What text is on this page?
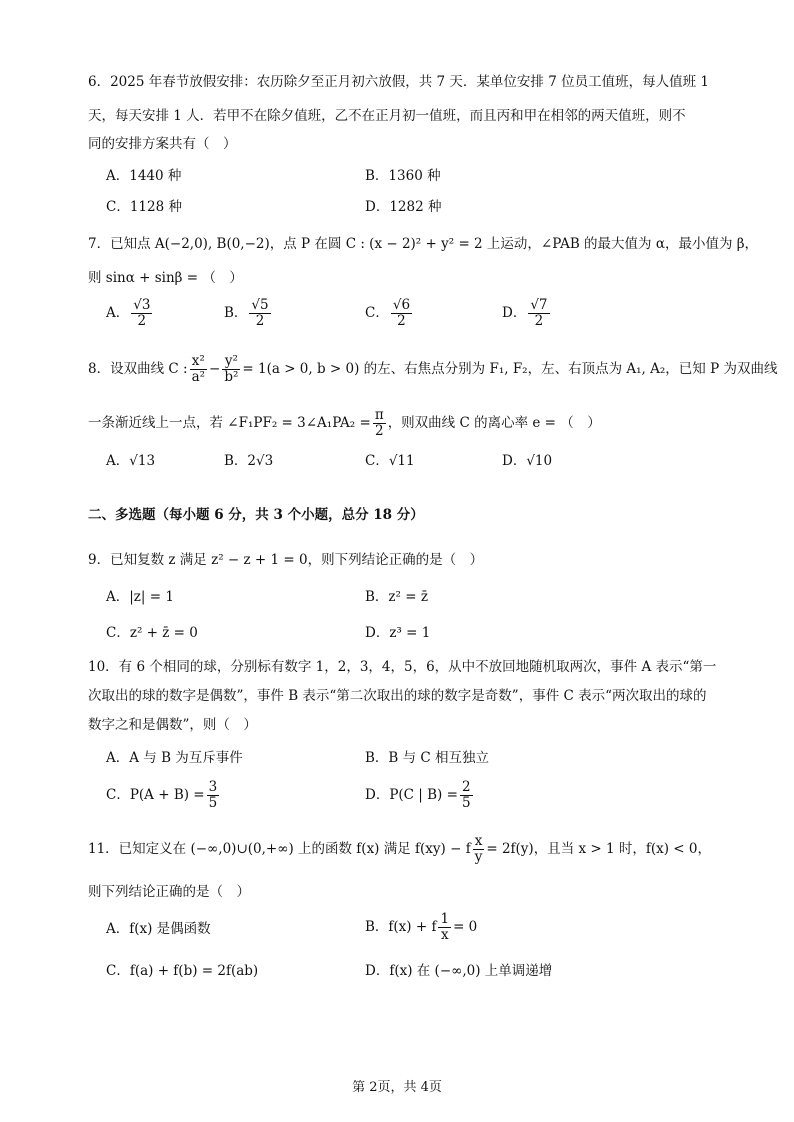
6．2025 年春节放假安排：农历除夕至正月初六放假，共 7 天．某单位安排 7 位员工值班，每人值班 1
天，每天安排 1 人．若甲不在除夕值班，乙不在正月初一值班，而且丙和甲在相邻的两天值班，则不
同的安排方案共有（　）
A．1440 种	B．1360 种
C．1128 种	D．1282 种
7．已知点 A(−2,0), B(0,−2)，点 P 在圆 C : (x − 2)² + y² = 2 上运动，∠PAB 的最大值为 α，最小值为 β，
则 sinα + sinβ = （　）
A． $\frac{√3}{2}$	B． $\frac{√5}{2}$	C． $\frac{√6}{2}$	D． $\frac{√7}{2}$
8．设双曲线 C : $\frac{\text{x²}}{\text{a²}} - \frac{\text{y²}}{\text{b²}} = 1(a > 0$, b > 0) 的左、右焦点分别为 F₁, F₂，左、右顶点为 A₁, A₂，已知 P 为双曲线
一条渐近线上一点，若 ∠F₁PF₂ = 3∠A₁PA₂ = $\frac{\pi}{2}$ ，则双曲线 C 的离心率 e = （　）
A．√13	B．2√3	C．√11	D．√10
二、多选题（每小题 6 分，共 3 个小题，总分 18 分）
9．已知复数 z 满足 z² − z + 1 = 0，则下列结论正确的是（　）
A．|z| = 1	B．z² = z̄
C．z² + z̄ = 0	D．z³ = 1
10．有 6 个相同的球，分别标有数字 1，2，3，4，5，6，从中不放回地随机取两次，事件 A 表示“第一
次取出的球的数字是偶数”，事件 B 表示“第二次取出的球的数字是奇数”，事件 C 表示“两次取出的球的
数字之和是偶数”，则（　）
A．A 与 B 为互斥事件	B．B 与 C 相互独立
C．$P(A + B) = \frac{3}{5}$	D．P(C | $B) = \frac{2}{5}$
11．已知定义在 (−∞,0)∪(0,+∞) 上的函数 f(x) 满足 f(xy) − f $\frac{x}{y} = 2f(y)$，且当 x > 1 时，f(x) < 0，
则下列结论正确的是（　）
A．f(x) 是偶函数	B．f(x) + f $\frac{1}{x} = 0$
C．f(a) + f(b) = 2f(ab)	D．f(x) 在 (−∞,0) 上单调递增
第 2页，共 4页
